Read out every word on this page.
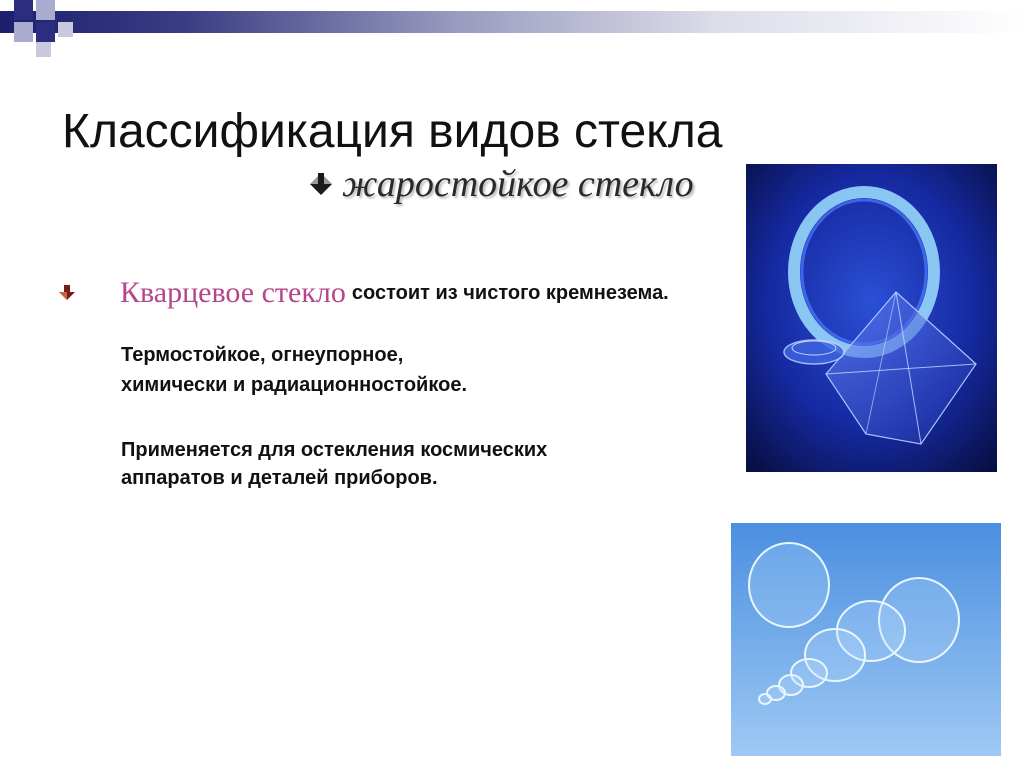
Классификация видов стекла
жаростойкое стекло
Кварцевое стекло состоит из чистого кремнезема.
Термостойкое, огнеупорное,
химически и радиационностойкое.
Применяется для остекления космических
аппаратов и деталей приборов.
